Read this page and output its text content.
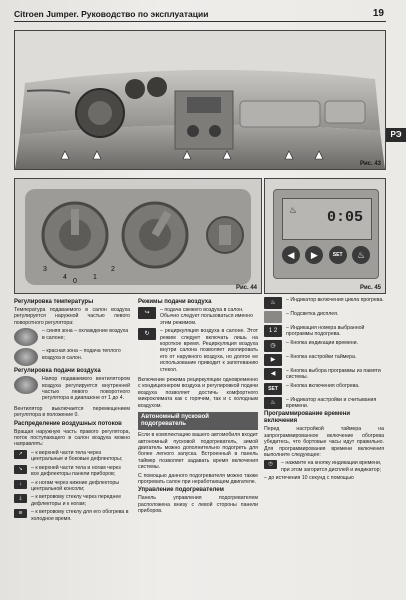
Citroen Jumper. Руководство по эксплуатации	19
РЭ
Рис. 43
3
4	1
2
0
Рис. 44
0:05
♨
◀	▶	SET	♨
Рис. 45
Регулировка температуры
Температура подаваемого в салон воздуха регулируется наружной частью левого поворотного регулятора:
– синяя зона – охлаждение воздуха в салоне;
– красная зона – подача теплого воздуха в салон.
Регулировка подачи воздуха
Напор подаваемого вентилятором воздуха регулируется внутренней частью левого поворотного регулятора в диапазоне от 1 до 4.
Вентилятор выключается перемещением регулятора в положение 0.
Распределение воздушных потоков
Вращая наружную часть правого регулятора, поток поступающего в салон воздуха можно направлять:
↗	– к верхней части тела через центральные и боковые дефлекторы;
↘	– к верхней части тела и ногам через все дефлекторы панели приборов;
↓	– к ногам через нижние дефлекторы центральной консоли;
⤓	– к ветровому стеклу через переднее дефлекторы и к ногам;
≋	– к ветровому стеклу для его обогрева в холодное время.
Режимы подачи воздуха
↪	– подача свежего воздуха в салон. Обычно следует пользоваться именно этим режимом.
↻	– рециркуляция воздуха в салоне. Этот режим следует включать лишь на короткое время. Рециркуляция воздуха внутри салона позволяет изолировать его от наружного воздуха, но долгое ее использование приводит к запотеванию стекол.
Включение режима рециркуляции одновременно с кондиционером воздуха и регулировкой подачи воздуха позволяет достичь комфортного микроклимата как с горячим, так и с холодным воздухом.
Автономный пусковой подогреватель
Если в комплектацию вашего автомобиля входит автономный пусковой подогреватель, зимой двигатель можно дополнительно подогреть для более легкого запуска. Встроенный в панель таймер позволяет задавать время включения системы.
С помощью данного подогревателя можно также прогревать салон при неработающем двигателе.
Управление подогревателем
Панель управления подогревателем расположена внизу с левой стороны панели приборов.
♨	– Индикатор включения цикла прогрева.
– Подсветка дисплея.
1 2	– Индикация номера выбранной программы подогрева.
◷	– Кнопка индикации времени.
▶	– Кнопка настройки таймера.
◀	– Кнопка выбора программы из памяти системы.
SET	– Кнопка включения обогрева.
♨	– Индикатор настройки и считывания времени.
Программирование времени включения
Перед настройкой таймера на запрограммированное включение обогрева убедитесь, что бортовые часы идут правильно. Для программирования времени включения выполните следующее:
◷	– нажмите на кнопку индикации времени, при этом загорится дисплей и индикатор;
– до истечения 10 секунд с помощью
